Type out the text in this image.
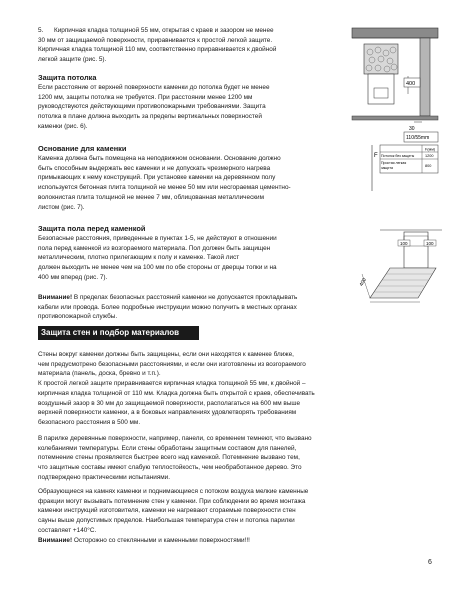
5. Кирпичная кладка толщиной 55 мм, открытая с краев и зазором не менее
30 мм от защищаемой поверхности, приравнивается к простой легкой защите.
Кирпичная кладка толщиной 110 мм, соответственно приравнивается к двойной
легкой защите (рис. 5).
Защита потолка
Если расстояние от верхней поверхности каменки до потолка будет не менее
1200 мм, защиты потолка не требуется. При расстоянии менее 1200 мм
руководствуются действующими противопожарными требованиями. Защита
потолка в плане должна выходить за пределы вертикальных поверхностей
каменки (рис. 6).
Основание для каменки
Каменка должна быть помещена на неподвижном основании. Основание должно
быть способным выдержать вес каменки и не допускать чрезмерного нагрева
примыкающих к нему конструкций. При установке каменки на деревянном полу
используется бетонная плита толщиной не менее 50 мм или несгораемая цементно-
волокнистая плита толщиной не менее 7 мм, облицованная металлическим
листом (рис. 7).
Защита пола перед каменкой
Безопасные расстояния, приведенные в пунктах 1-5, не действуют в отношении
пола перед каменкой из возгораемого материала. Пол должен быть защищен
металлическим, плотно прилегающим к полу и каменке. Такой лист
должен выходить не менее чем на 100 мм по обе стороны от дверцы топки и на
400 мм вперед (рис. 7).
Внимание! В пределах безопасных расстояний каменки не допускается прокладывать
кабели или провода. Более подробные инструкции можно получить в местных органах
противопожарной службы.
Защита стен и подбор материалов
Стены вокруг каменки должны быть защищены, если они находятся к каменке ближе,
чем предусмотрено безопасными расстояниями, и если они изготовлены из возгораемого
материала (панель, доска, бревно и т.п.).
К простой легкой защите приравнивается кирпичная кладка толщиной 55 мм, к двойной –
кирпичная кладка толщиной от 110 мм. Кладка должна быть открытой с краев, обеспечивать
воздушный зазор в 30 мм до защищаемой поверхности, располагаться на 600 мм выше
верхней поверхности каменки, а в боковых направлениях удовлетворять требованиям
безопасного расстояния в 500 мм.
В парилке деревянные поверхности, например, панели, со временем темнеют, что вызвано
колебаниями температуры. Если стены обработаны защитным составом для панелей,
потемнение стены проявляется быстрее всего над каменкой. Потемнение вызвано тем,
что защитные составы имеют слабую теплостойкость, чем необработанное дерево. Это
подтверждено практическими испытаниями.
Образующиеся на камнях каменки и поднимающиеся с потоком воздуха мелкие каменные
фракции могут вызывать потемнение стен у каменки. При соблюдении во время монтажа
каменки инструкций изготовителя, каменки не нагревают сгораемые поверхности стен
сауны выше допустимых пределов. Наибольшая температура стен и потолка парилки
составляет +140°C.
Внимание! Осторожно со стеклянными и каменными поверхностями!!!
400
30
110/55mm
F
F(мм)
Потолок без защиты	1200
Простая легкая
защита	800
100	100
400
6
